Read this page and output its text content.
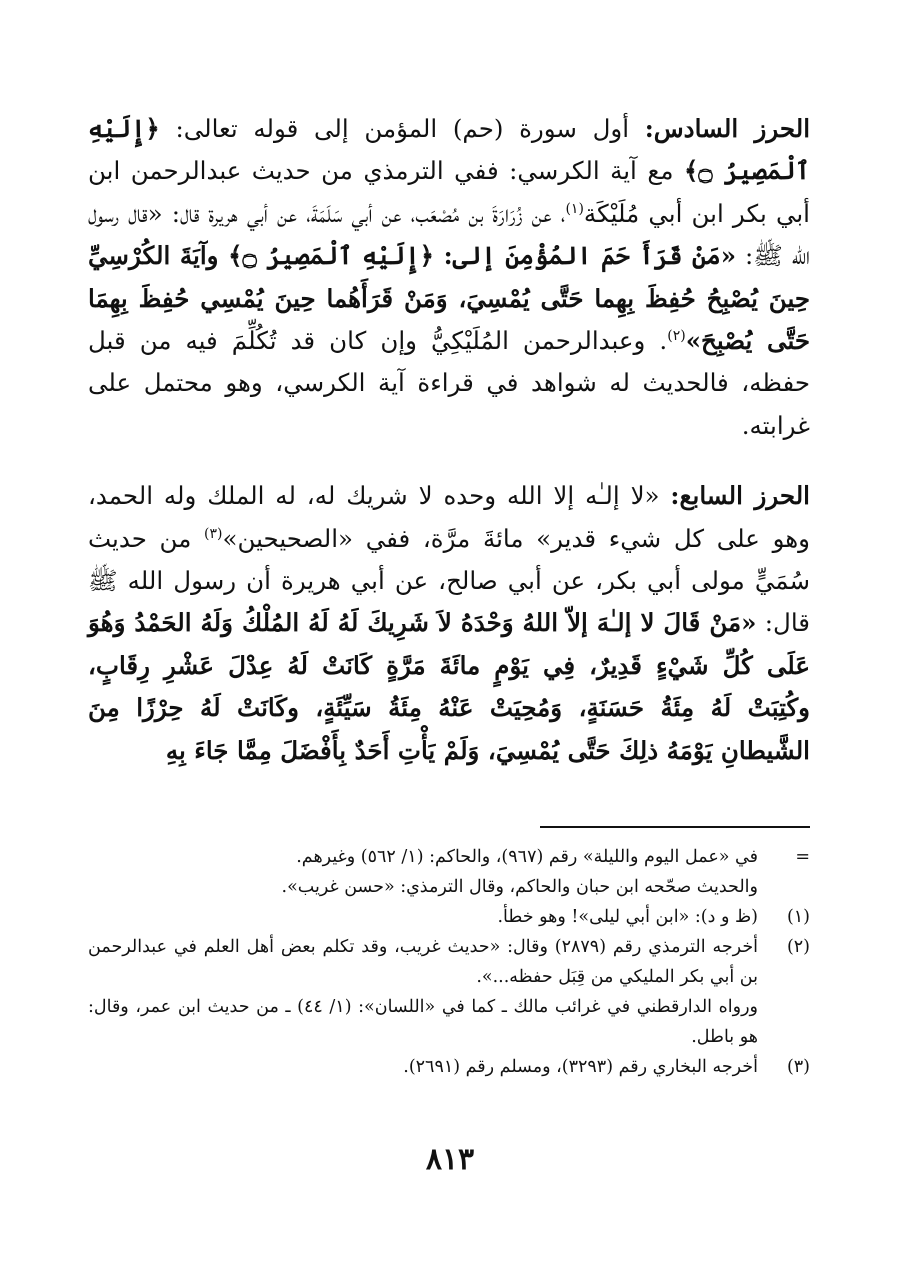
الحرز السادس: أول سورة (حم) المؤمن إلى قوله تعالى: ﴿إِلَيْهِ ٱلْمَصِيرُ ۝﴾ مع آية الكرسي: ففي الترمذي من حديث عبدالرحمن ابن أبي بكر ابن أبي مُلَيْكَة$^{(١)}$، عن زُرَارَةَ بن مُصْعَب، عن أبي سَلَمَةَ، عن أبي هريرة قال: «قال رسول الله ﷺ: «مَنْ قَرَأَ حَمَ المُؤْمِنَ إلى: ﴿إِلَيْهِ ٱلْمَصِيرُ ۝﴾ وآيَةَ الكُرْسِيِّ حِينَ يُصْبِحُ حُفِظَ بِهِما حَتَّى يُمْسِيَ، وَمَنْ قَرَأَهُما حِينَ يُمْسِي حُفِظَ بِهِمَا حَتَّى يُصْبِحَ»$^{(٢)}$. وعبدالرحمن المُلَيْكِيُّ وإن كان قد تُكُلِّمَ فيه من قبل حفظه، فالحديث له شواهد في قراءة آية الكرسي، وهو محتمل على غرابته.

الحرز السابع: «لا إلـٰه إلا الله وحده لا شريك له، له الملك وله الحمد، وهو على كل شيء قدير» مائةَ مرَّة، ففي «الصحيحين»$^{(٣)}$ من حديث سُمَيٍّ مولى أبي بكر، عن أبي صالح، عن أبي هريرة أن رسول الله ﷺ قال: «مَنْ قَالَ لا إلـٰهَ إلاّ اللهُ وَحْدَهُ لاَ شَرِيكَ لَهُ لَهُ المُلْكُ وَلَهُ الحَمْدُ وَهُوَ عَلَى كُلِّ شَيْءٍ قَدِيرٌ، فِي يَوْمٍ مائَةَ مَرَّةٍ كَانَتْ لَهُ عِدْلَ عَشْرِ رِقَابٍ، وكُتِبَتْ لَهُ مِئَةُ حَسَنَةٍ، وَمُحِيَتْ عَنْهُ مِئَةُ سَيِّئَةٍ، وكَانَتْ لَهُ حِرْزًا مِنَ الشَّيطانِ يَوْمَهُ ذلِكَ حَتَّى يُمْسِيَ، وَلَمْ يَأْتِ أَحَدٌ بِأَفْضَلَ مِمَّا جَاءَ بِهِ

=
في «عمل اليوم والليلة» رقم (٩٦٧)، والحاكم: (١/ ٥٦٢) وغيرهم.

والحديث صحّحه ابن حبان والحاكم، وقال الترمذي: «حسن غريب».

(١)
(ظ و د): «ابن أبي ليلى»! وهو خطأ.

(٢)
أخرجه الترمذي رقم (٢٨٧٩) وقال: «حديث غريب، وقد تكلم بعض أهل العلم في عبدالرحمن بن أبي بكر المليكي من قِبَل حفظه...».

ورواه الدارقطني في غرائب مالك ـ كما في «اللسان»: (١/ ٤٤) ـ من حديث ابن عمر، وقال: هو باطل.

(٣)
أخرجه البخاري رقم (٣٢٩٣)، ومسلم رقم (٢٦٩١).

٨١٣
